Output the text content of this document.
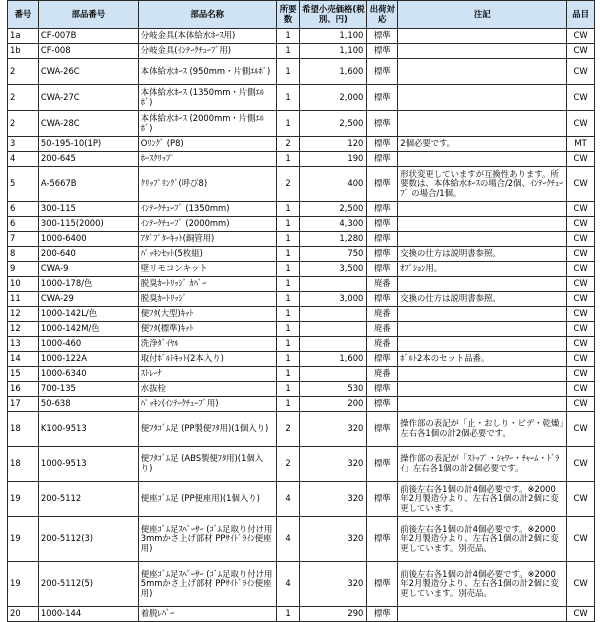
番号	部品番号	部品名称	所要数	希望小売価格(税別、円)	出荷対応	注記	品目
1a	CF-007B	分岐金具(本体給水ﾎｰｽ用)	1	1,100	標準		CW
1b	CF-008	分岐金具(ｲﾝﾃｰｸﾁｭｰﾌﾞ用)	1	1,100	標準		CW
2	CWA-26C	本体給水ﾎｰｽ (950mm・片側ｴﾙﾎﾞ)	1	1,600	標準		CW
2	CWA-27C	本体給水ﾎｰｽ (1350mm・片側ｴﾙﾎﾞ)	1	2,000	標準		CW
2	CWA-28C	本体給水ﾎｰｽ (2000mm・片側ｴﾙﾎﾞ)	1	2,500	標準		CW
3	50-195-10(1P)	Oﾘﾝｸﾞ (P8)	2	120	標準	2個必要です。	MT
4	200-645	ﾎｰｽｸﾘｯﾌﾟ	1	190	標準		CW
5	A-5667B	ｸﾘｯﾌﾟﾘﾝｸﾞ(呼び8)	2	400	標準	形状変更していますが互換性あります。所要数は、本体給水ﾎｰｽの場合/2個、ｲﾝﾃｰｸﾁｭｰﾌﾞ の場合/1個。	CW
6	300-115	ｲﾝﾃｰｸﾁｭｰﾌﾞ (1350mm)	1	2,500	標準		CW
6	300-115(2000)	ｲﾝﾃｰｸﾁｭｰﾌﾞ (2000mm)	1	4,300	標準		CW
7	1000-6400	ｱﾀﾞﾌﾟﾀｰｷｯﾄ(銅管用)	1	1,280	標準		CW
8	200-640	ﾊﾟｯｷﾝｾｯﾄ(5枚組)	1	750	標準	交換の仕方は説明書参照。	CW
9	CWA-9	壁リモコンキット	1	3,500	標準	ｵﾌﾟｼｮﾝ用。	CW
10	1000-178/色	脱臭ｶｰﾄﾘｯｼﾞ ｶﾊﾞｰ	1		廃番		CW
11	CWA-29	脱臭ｶｰﾄﾘｯｼﾞ	1	3,000	標準	交換の仕方は説明書参照。	CW
12	1000-142L/色	便ﾌﾀ(大型)ｷｯﾄ	1		廃番		CW
12	1000-142M/色	便ﾌﾀ(標準)ｷｯﾄ	1		廃番		CW
13	1000-460	洗浄ﾀﾞｲﾔﾙ	1		廃番		CW
14	1000-122A	取付ﾎﾞﾙﾄｷｯﾄ(2本入り)	1	1,600	標準	ﾎﾞﾙﾄ2本のセット品番。	CW
15	1000-6340	ｽﾄﾚｰﾅ	1		廃番		CW
16	700-135	水抜栓	1	530	標準		CW
17	50-638	ﾊﾟｯｷﾝ(ｲﾝﾃｰｸﾁｭｰﾌﾞ用)	1	200	標準		CW
18	K100-9513	便ﾌﾀｺﾞﾑ足 (PP製便ﾌﾀ用)(1個入り)	2	320	標準	操作部の表記が「止・おしり・ビデ・乾燥」左右各1個の計2個必要です。	CW
18	1000-9513	便ﾌﾀｺﾞﾑ足 (ABS製便ﾌﾀ用)(1個入り)	2	320	標準	操作部の表記が「ｽﾄｯﾌﾟ・ｼｬﾜｰ・ﾁｬｰﾑ・ﾄﾞﾗｲ」左右各1個の計2個必要です。	CW
19	200-5112	便座ｺﾞﾑ足 (PP便座用)(1個入り)	4	320	標準	前後左右各1個の計4個必要です。※2000年2月製造分より、左右各1個の計2個に変更しています。	CW
19	200-5112(3)	便座ｺﾞﾑ足ｽﾍﾟｰｻｰ (ｺﾞﾑ足取り付け用3mmかさ上げ部材 PPｻｲﾄﾞﾗｲﾝ便座用)	4	320	標準	前後左右各1個の計4個必要です。※2000年2月製造分より、左右各1個の計2個に変更しています。別売品。	CW
19	200-5112(5)	便座ｺﾞﾑ足ｽﾍﾟｰｻｰ (ｺﾞﾑ足取り付け用5mmかさ上げ部材 PPｻｲﾄﾞﾗｲﾝ便座用)	4	320	標準	前後左右各1個の計4個必要です。※2000年2月製造分より、左右各1個の計2個に変更しています。別売品。	CW
20	1000-144	着脱ﾚﾊﾞｰ	1	290	標準		CW
